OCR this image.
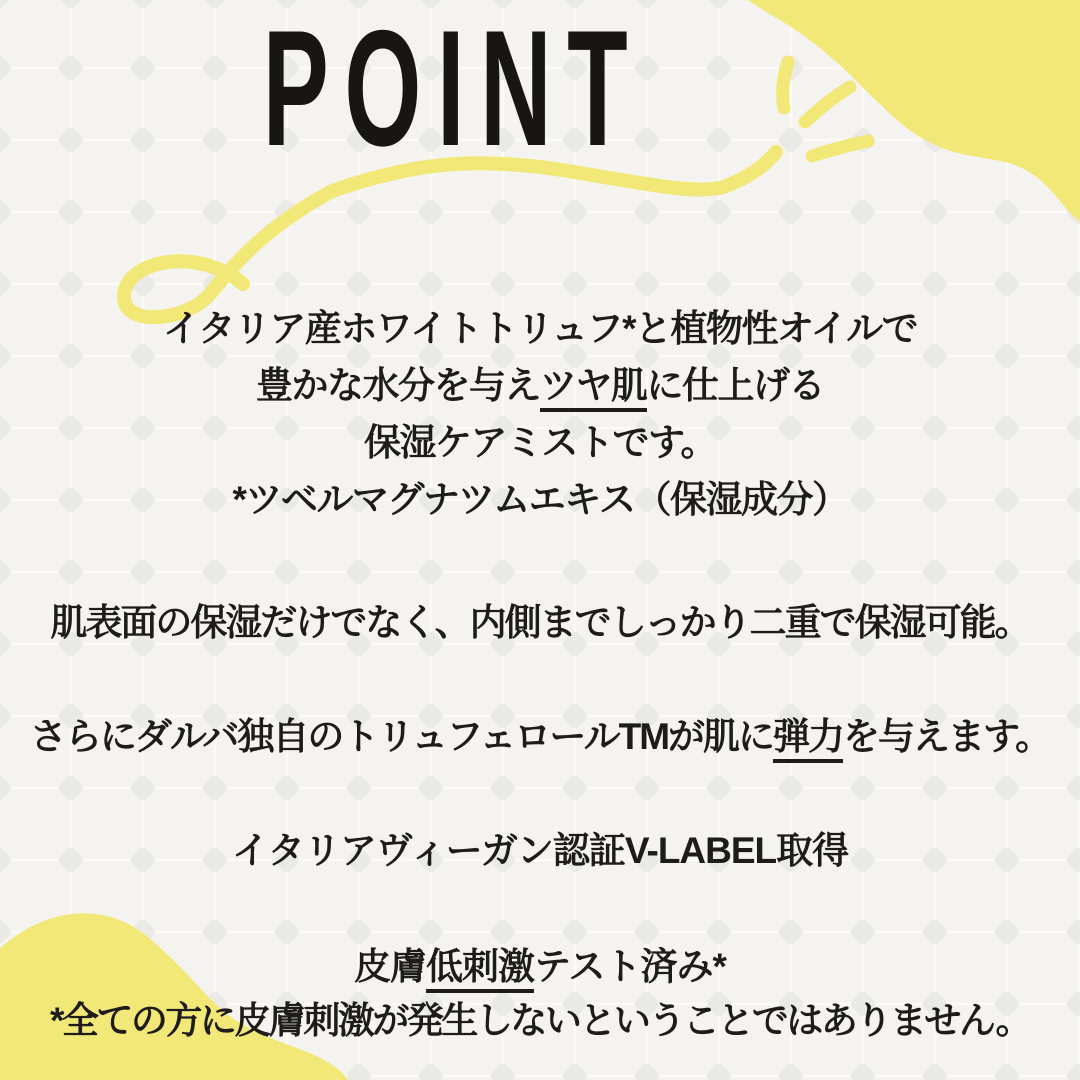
POINT
イタリア産ホワイトトリュフ*と植物性オイルで
豊かな水分を与えツヤ肌に仕上げる
保湿ケアミストです。
*ツベルマグナツムエキス（保湿成分）
肌表面の保湿だけでなく、内側までしっかり二重で保湿可能。
さらにダルバ独自のトリュフェロールTMが肌に弾力を与えます。
イタリアヴィーガン認証V-LABEL取得
皮膚低刺激テスト済み*
*全ての方に皮膚刺激が発生しないということではありません。
